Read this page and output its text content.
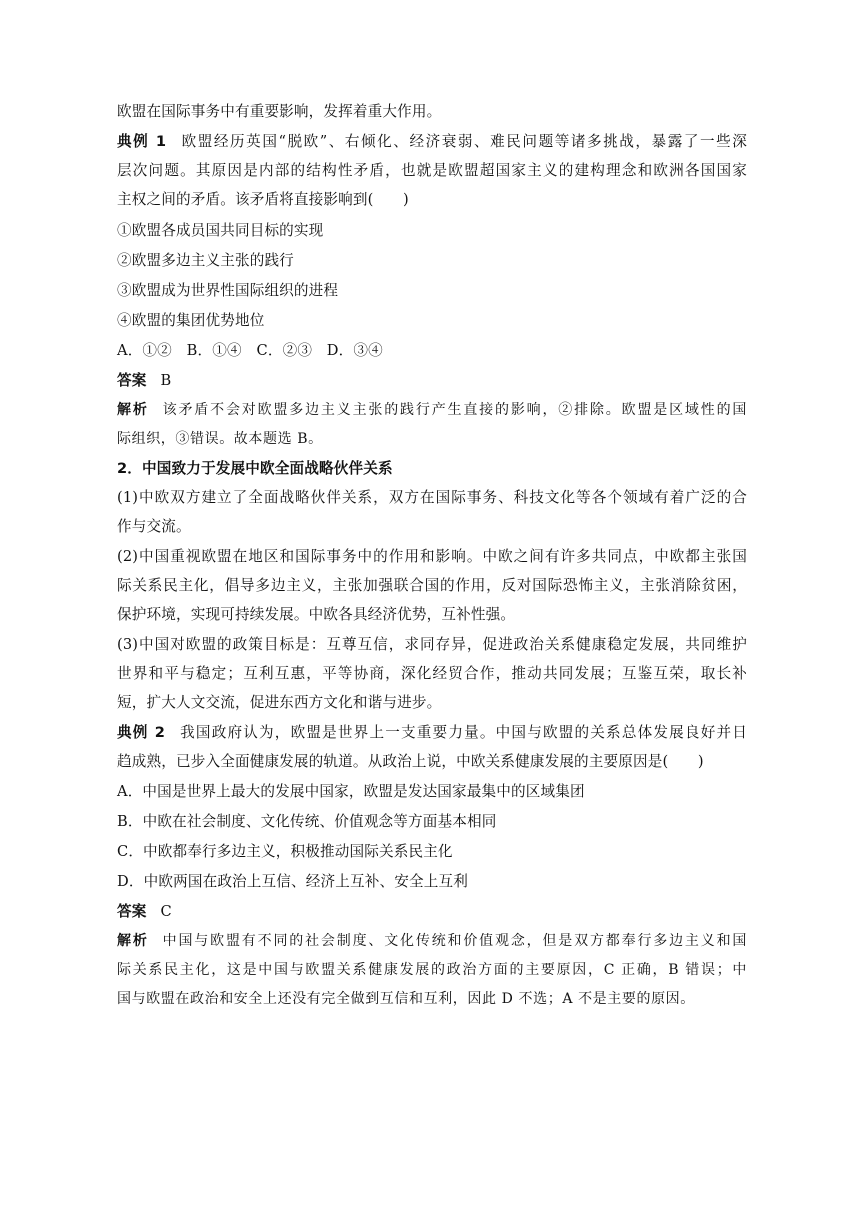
欧盟在国际事务中有重要影响，发挥着重大作用。
典例 1 欧盟经历英国“脱欧”、右倾化、经济衰弱、难民问题等诸多挑战，暴露了一些深
层次问题。其原因是内部的结构性矛盾，也就是欧盟超国家主义的建构理念和欧洲各国国家
主权之间的矛盾。该矛盾将直接影响到(　　)
①欧盟各成员国共同目标的实现
②欧盟多边主义主张的践行
③欧盟成为世界性国际组织的进程
④欧盟的集团优势地位
A．①②　B．①④　C．②③　D．③④
答案 B
解析 该矛盾不会对欧盟多边主义主张的践行产生直接的影响，②排除。欧盟是区域性的国
际组织，③错误。故本题选 B。
2．中国致力于发展中欧全面战略伙伴关系
(1)中欧双方建立了全面战略伙伴关系，双方在国际事务、科技文化等各个领域有着广泛的合
作与交流。
(2)中国重视欧盟在地区和国际事务中的作用和影响。中欧之间有许多共同点，中欧都主张国
际关系民主化，倡导多边主义，主张加强联合国的作用，反对国际恐怖主义，主张消除贫困，
保护环境，实现可持续发展。中欧各具经济优势，互补性强。
(3)中国对欧盟的政策目标是：互尊互信，求同存异，促进政治关系健康稳定发展，共同维护
世界和平与稳定；互利互惠，平等协商，深化经贸合作，推动共同发展；互鉴互荣，取长补
短，扩大人文交流，促进东西方文化和谐与进步。
典例 2 我国政府认为，欧盟是世界上一支重要力量。中国与欧盟的关系总体发展良好并日
趋成熟，已步入全面健康发展的轨道。从政治上说，中欧关系健康发展的主要原因是(　　)
A．中国是世界上最大的发展中国家，欧盟是发达国家最集中的区域集团
B．中欧在社会制度、文化传统、价值观念等方面基本相同
C．中欧都奉行多边主义，积极推动国际关系民主化
D．中欧两国在政治上互信、经济上互补、安全上互利
答案 C
解析 中国与欧盟有不同的社会制度、文化传统和价值观念，但是双方都奉行多边主义和国
际关系民主化，这是中国与欧盟关系健康发展的政治方面的主要原因，C 正确，B 错误；中
国与欧盟在政治和安全上还没有完全做到互信和互利，因此 D 不选；A 不是主要的原因。
